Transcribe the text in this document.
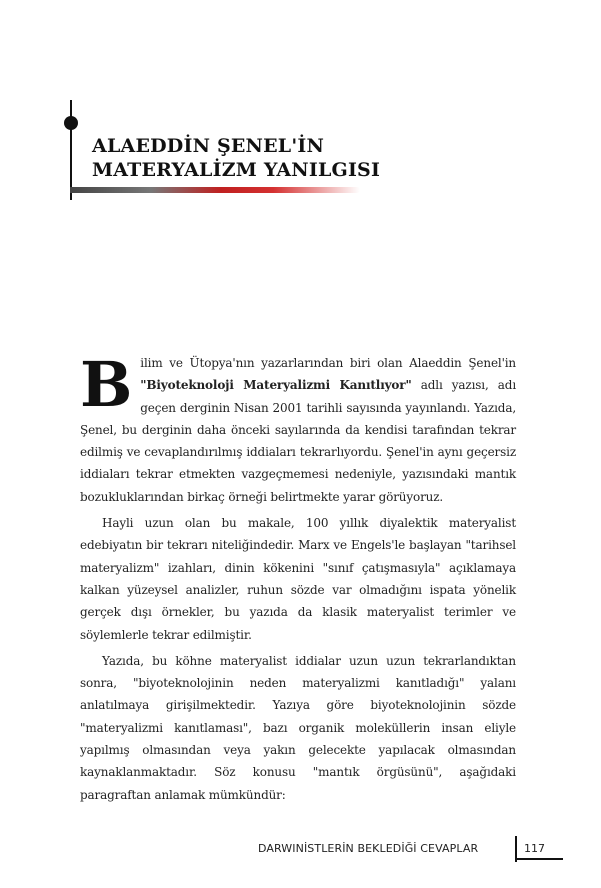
ALAEDDİN ŞENEL'İN
MATERYALİZM YANILGISI

Bilim ve Ütopya'nın yazarlarından biri olan Alaeddin Şenel'in "Biyoteknoloji Materyalizmi Kanıtlıyor" adlı yazısı, adı geçen derginin Nisan 2001 tarihli sayısında yayınlandı. Yazıda, Şenel, bu derginin daha önceki sayılarında da kendisi tarafından tekrar edilmiş ve cevaplandırılmış iddiaları tekrarlıyordu. Şenel'in aynı geçersiz iddiaları tekrar etmekten vazgeçmemesi nedeniyle, yazısındaki mantık bozukluklarından birkaç örneği belirtmekte yarar görüyoruz.

Hayli uzun olan bu makale, 100 yıllık diyalektik materyalist edebiyatın bir tekrarı niteliğindedir. Marx ve Engels'le başlayan "tarihsel materyalizm" izahları, dinin kökenini "sınıf çatışmasıyla" açıklamaya kalkan yüzeysel analizler, ruhun sözde var olmadığını ispata yönelik gerçek dışı örnekler, bu yazıda da klasik materyalist terimler ve söylemlerle tekrar edilmiştir.

Yazıda, bu köhne materyalist iddialar uzun uzun tekrarlandıktan sonra, "biyoteknolojinin neden materyalizmi kanıtladığı" yalanı anlatılmaya girişilmektedir. Yazıya göre biyoteknolojinin sözde "materyalizmi kanıtlaması", bazı organik moleküllerin insan eliyle yapılmış olmasından veya yakın gelecekte yapılacak olmasından kaynaklanmaktadır. Söz konusu "mantık örgüsünü", aşağıdaki paragraftan anlamak mümkündür:

DARWINİSTLERİN BEKLEDİĞİ CEVAPLAR	117
